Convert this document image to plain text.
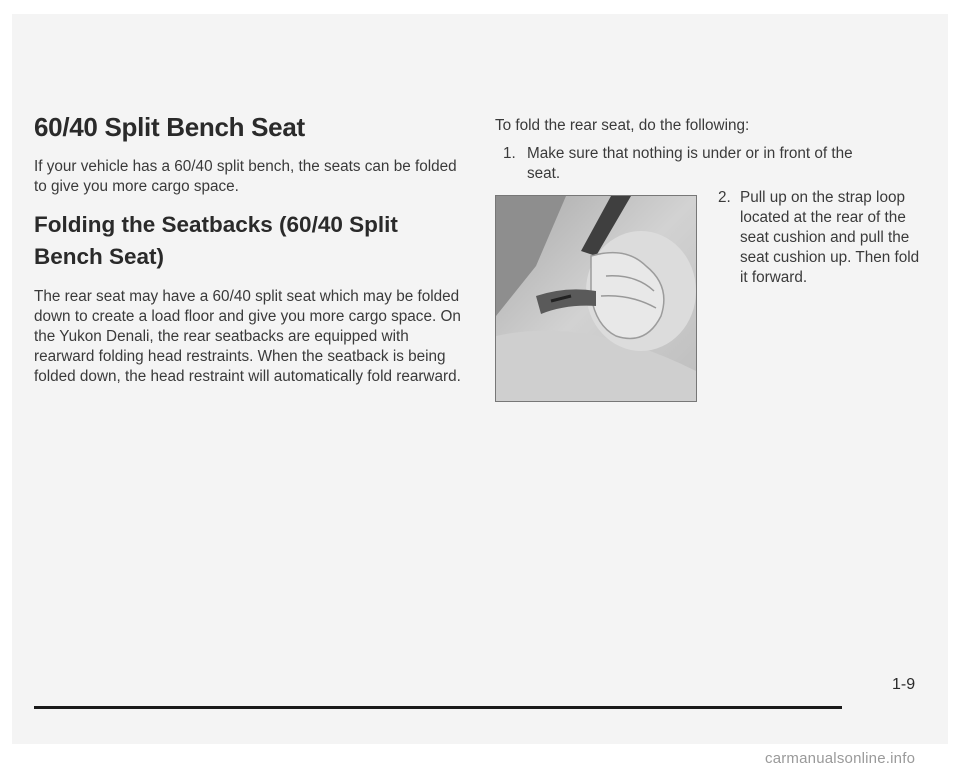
60/40 Split Bench Seat

If your vehicle has a 60/40 split bench, the seats can be folded to give you more cargo space.

Folding the Seatbacks (60/40 Split Bench Seat)

The rear seat may have a 60/40 split seat which may be folded down to create a load floor and give you more cargo space. On the Yukon Denali, the rear seatbacks are equipped with rearward folding head restraints. When the seatback is being folded down, the head restraint will automatically fold rearward.

To fold the rear seat, do the following:

1. Make sure that nothing is under or in front of the seat.
2. Pull up on the strap loop located at the rear of the seat cushion and pull the seat cushion up. Then fold it forward.
1-9
carmanualsonline.info
